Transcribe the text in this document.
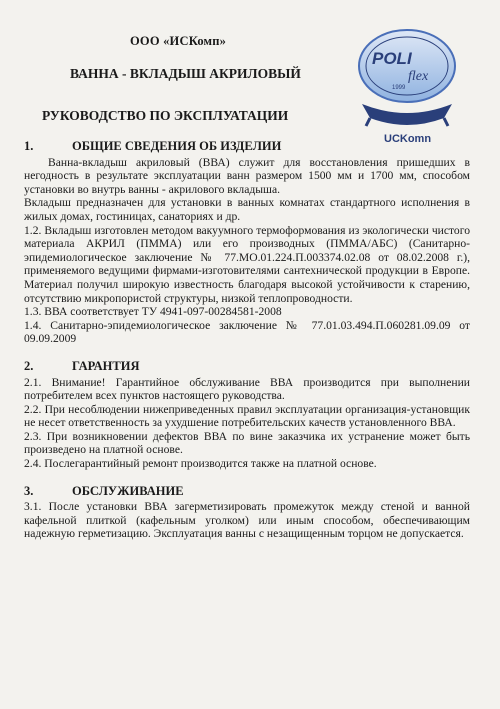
ООО «ИСКомп»
ВАННА - ВКЛАДЫШ АКРИЛОВЫЙ
РУКОВОДСТВО ПО ЭКСПЛУАТАЦИИ
POLI
flex
1999
UCKomn
1.	ОБЩИЕ СВЕДЕНИЯ ОБ ИЗДЕЛИИ

Ванна-вкладыш акриловый (ВВА) служит для восстановления пришедших в негодность в результате эксплуатации ванн размером 1500 мм и 1700 мм, способом установки во внутрь ванны - акрилового вкладыша.

Вкладыш предназначен для установки в ванных комнатах стандартного исполнения в жилых домах, гостиницах, санаториях и др.

1.2. Вкладыш изготовлен методом вакуумного термоформования из экологически чистого материала АКРИЛ (ПММА) или его производных (ПММА/АБС) (Санитарно-эпидемиологическое заключение № 77.МО.01.224.П.003374.02.08 от 08.02.2008 г.), применяемого ведущими фирмами-изготовителями сантехнической продукции в Европе. Материал получил широкую известность благодаря высокой устойчивости к старению, отсутствию микропористой структуры, низкой теплопроводности.

1.3. ВВА соответствует ТУ 4941-097-00284581-2008

1.4. Санитарно-эпидемиологическое заключение № 77.01.03.494.П.060281.09.09 от 09.09.2009

2.	ГАРАНТИЯ

2.1. Внимание! Гарантийное обслуживание ВВА производится при выполнении потребителем всех пунктов настоящего руководства.

2.2. При несоблюдении нижеприведенных правил эксплуатации организация-установщик не несет ответственность за ухудшение потребительских качеств установленного ВВА.

2.3. При возникновении дефектов ВВА по вине заказчика их устранение может быть произведено на платной основе.

2.4. Послегарантийный ремонт производится также на платной основе.

3.	ОБСЛУЖИВАНИЕ

3.1. После установки ВВА загерметизировать промежуток между стеной и ванной кафельной плиткой (кафельным уголком) или иным способом, обеспечивающим надежную герметизацию. Эксплуатация ванны с незащищенным торцом не допускается.
